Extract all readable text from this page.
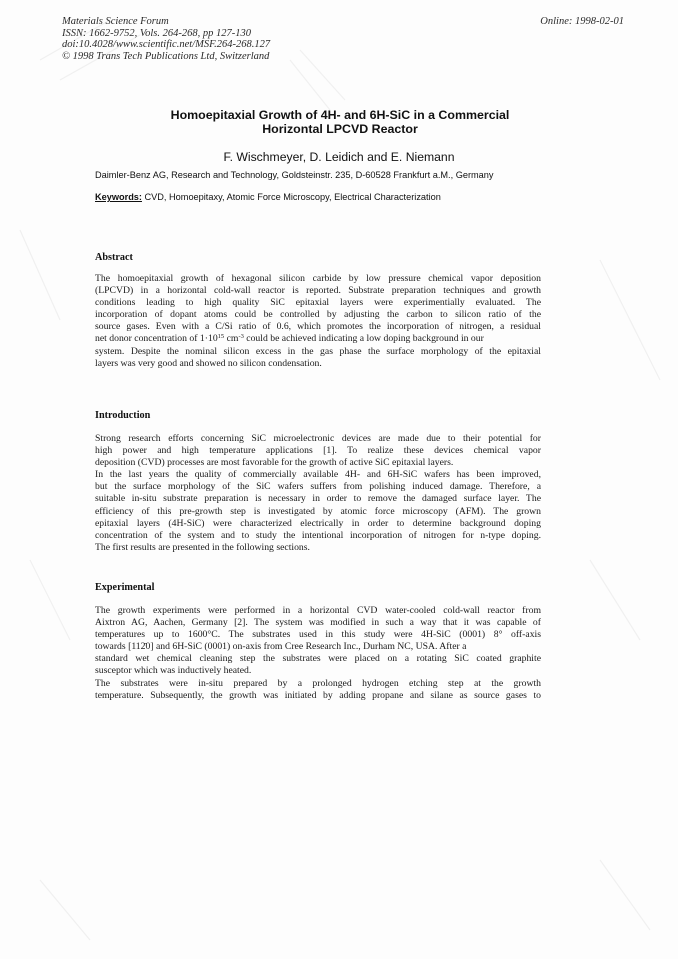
Materials Science Forum
ISSN: 1662-9752, Vols. 264-268, pp 127-130
doi:10.4028/www.scientific.net/MSF.264-268.127
© 1998 Trans Tech Publications Ltd, Switzerland
Online: 1998-02-01
Homoepitaxial Growth of 4H- and 6H-SiC in a Commercial
Horizontal LPCVD Reactor
F. Wischmeyer, D. Leidich and E. Niemann
Daimler-Benz AG, Research and Technology, Goldsteinstr. 235, D-60528 Frankfurt a.M., Germany
Keywords: CVD, Homoepitaxy, Atomic Force Microscopy, Electrical Characterization
Abstract
The homoepitaxial growth of hexagonal silicon carbide by low pressure chemical vapor deposition
(LPCVD) in a horizontal cold-wall reactor is reported. Substrate preparation techniques and growth
conditions leading to high quality SiC epitaxial layers were experimentially evaluated. The
incorporation of dopant atoms could be controlled by adjusting the carbon to silicon ratio of the
source gases. Even with a C/Si ratio of 0.6, which promotes the incorporation of nitrogen, a residual
net donor concentration of $1\cdot 10^{15}$ $cm^{-3}$ could be achieved indicating a low doping background in our
system. Despite the nominal silicon excess in the gas phase the surface morphology of the epitaxial
layers was very good and showed no silicon condensation.
Introduction
Strong research efforts concerning SiC microelectronic devices are made due to their potential for
high power and high temperature applications [1]. To realize these devices chemical vapor
deposition (CVD) processes are most favorable for the growth of active SiC epitaxial layers.
In the last years the quality of commercially available 4H- and 6H-SiC wafers has been improved,
but the surface morphology of the SiC wafers suffers from polishing induced damage. Therefore, a
suitable in-situ substrate preparation is necessary in order to remove the damaged surface layer. The
efficiency of this pre-growth step is investigated by atomic force microscopy (AFM). The grown
epitaxial layers (4H-SiC) were characterized electrically in order to determine background doping
concentration of the system and to study the intentional incorporation of nitrogen for n-type doping.
The first results are presented in the following sections.
Experimental
The growth experiments were performed in a horizontal CVD water-cooled cold-wall reactor from
Aixtron AG, Aachen, Germany [2]. The system was modified in such a way that it was capable of
temperatures up to 1600°C. The substrates used in this study were 4H-SiC (0001) 8° off-axis
towards [112̄0] and 6H-SiC (0001) on-axis from Cree Research Inc., Durham NC, USA. After a
standard wet chemical cleaning step the substrates were placed on a rotating SiC coated graphite
susceptor which was inductively heated.
The substrates were in-situ prepared by a prolonged hydrogen etching step at the growth
temperature. Subsequently, the growth was initiated by adding propane and silane as source gases to
